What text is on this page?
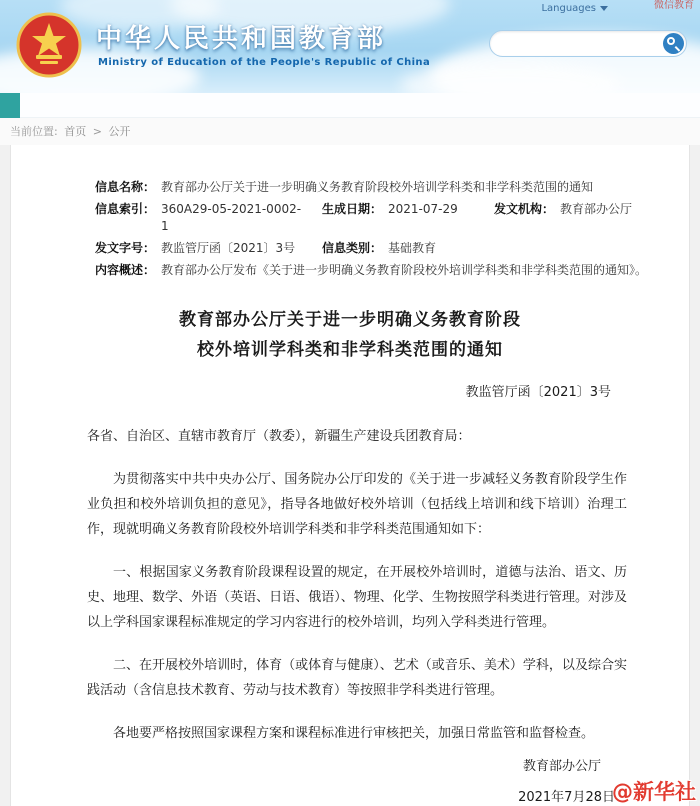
中华人民共和国教育部
Ministry of Education of the People's Republic of China
Languages	微信教育
当前位置: 首页 > 公开
信息名称： 教育部办公厅关于进一步明确义务教育阶段校外培训学科类和非学科类范围的通知
信息索引： 360A29-05-2021-0002-1
生成日期： 2021-07-29	发文机构： 教育部办公厅
发文字号： 教监管厅函〔2021〕3号	信息类别： 基础教育
内容概述： 教育部办公厅发布《关于进一步明确义务教育阶段校外培训学科类和非学科类范围的通知》。
教育部办公厅关于进一步明确义务教育阶段
校外培训学科类和非学科类范围的通知
教监管厅函〔2021〕3号
各省、自治区、直辖市教育厅（教委），新疆生产建设兵团教育局：

为贯彻落实中共中央办公厅、国务院办公厅印发的《关于进一步减轻义务教育阶段学生作业负担和校外培训负担的意见》，指导各地做好校外培训（包括线上培训和线下培训）治理工作，现就明确义务教育阶段校外培训学科类和非学科类范围通知如下：

一、根据国家义务教育阶段课程设置的规定，在开展校外培训时，道德与法治、语文、历史、地理、数学、外语（英语、日语、俄语）、物理、化学、生物按照学科类进行管理。对涉及以上学科国家课程标准规定的学习内容进行的校外培训，均列入学科类进行管理。

二、在开展校外培训时，体育（或体育与健康）、艺术（或音乐、美术）学科，以及综合实践活动（含信息技术教育、劳动与技术教育）等按照非学科类进行管理。

各地要严格按照国家课程方案和课程标准进行审核把关，加强日常监管和监督检查。

教育部办公厅
2021年7月28日
@新华社
